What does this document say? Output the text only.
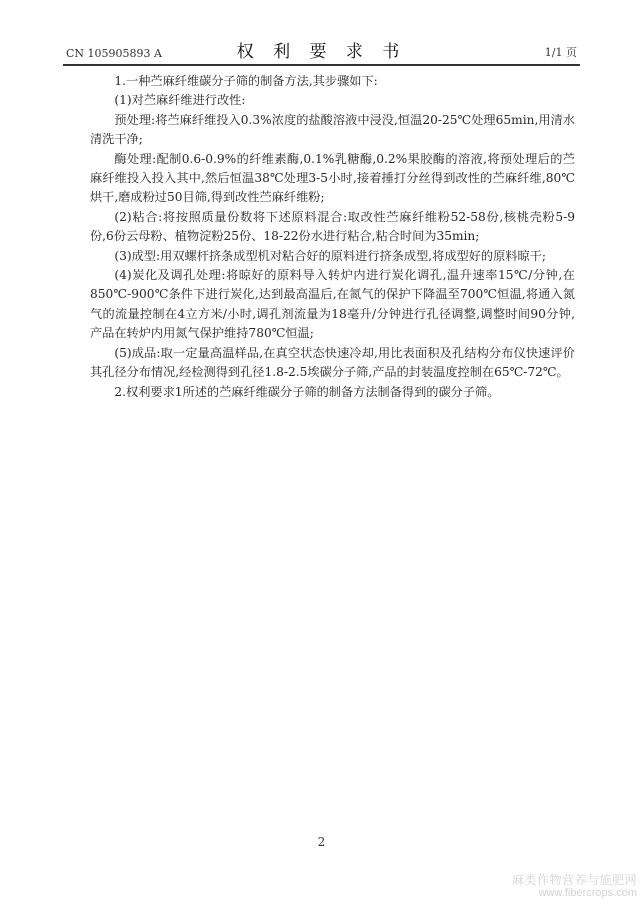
CN 105905893 A	权 利 要 求 书	1/1 页

1.一种苎麻纤维碳分子筛的制备方法,其步骤如下:

(1)对苎麻纤维进行改性:

预处理:将苎麻纤维投入0.3%浓度的盐酸溶液中浸没,恒温20-25℃处理65min,用清水清洗干净;

酶处理:配制0.6-0.9%的纤维素酶,0.1%乳糖酶,0.2%果胶酶的溶液,将预处理后的苎麻纤维投入投入其中,然后恒温38℃处理3-5小时,接着捶打分丝得到改性的苎麻纤维,80℃烘干,磨成粉过50目筛,得到改性苎麻纤维粉;

(2)粘合:将按照质量份数将下述原料混合:取改性苎麻纤维粉52-58份,核桃壳粉5-9份,6份云母粉、植物淀粉25份、18-22份水进行粘合,粘合时间为35min;

(3)成型:用双螺杆挤条成型机对粘合好的原料进行挤条成型,将成型好的原料晾干;

(4)炭化及调孔处理:将晾好的原料导入转炉内进行炭化调孔,温升速率15℃/分钟,在850℃-900℃条件下进行炭化,达到最高温后,在氮气的保护下降温至700℃恒温,将通入氮气的流量控制在4立方米/小时,调孔剂流量为18毫升/分钟进行孔径调整,调整时间90分钟,产品在转炉内用氮气保护维持780℃恒温;

(5)成品:取一定量高温样品,在真空状态快速冷却,用比表面积及孔结构分布仪快速评价其孔径分布情况,经检测得到孔径1.8-2.5埃碳分子筛,产品的封装温度控制在65℃-72℃。

2.权利要求1所述的苎麻纤维碳分子筛的制备方法制备得到的碳分子筛。

2
麻类作物营养与施肥网
www.fibercrops.com
